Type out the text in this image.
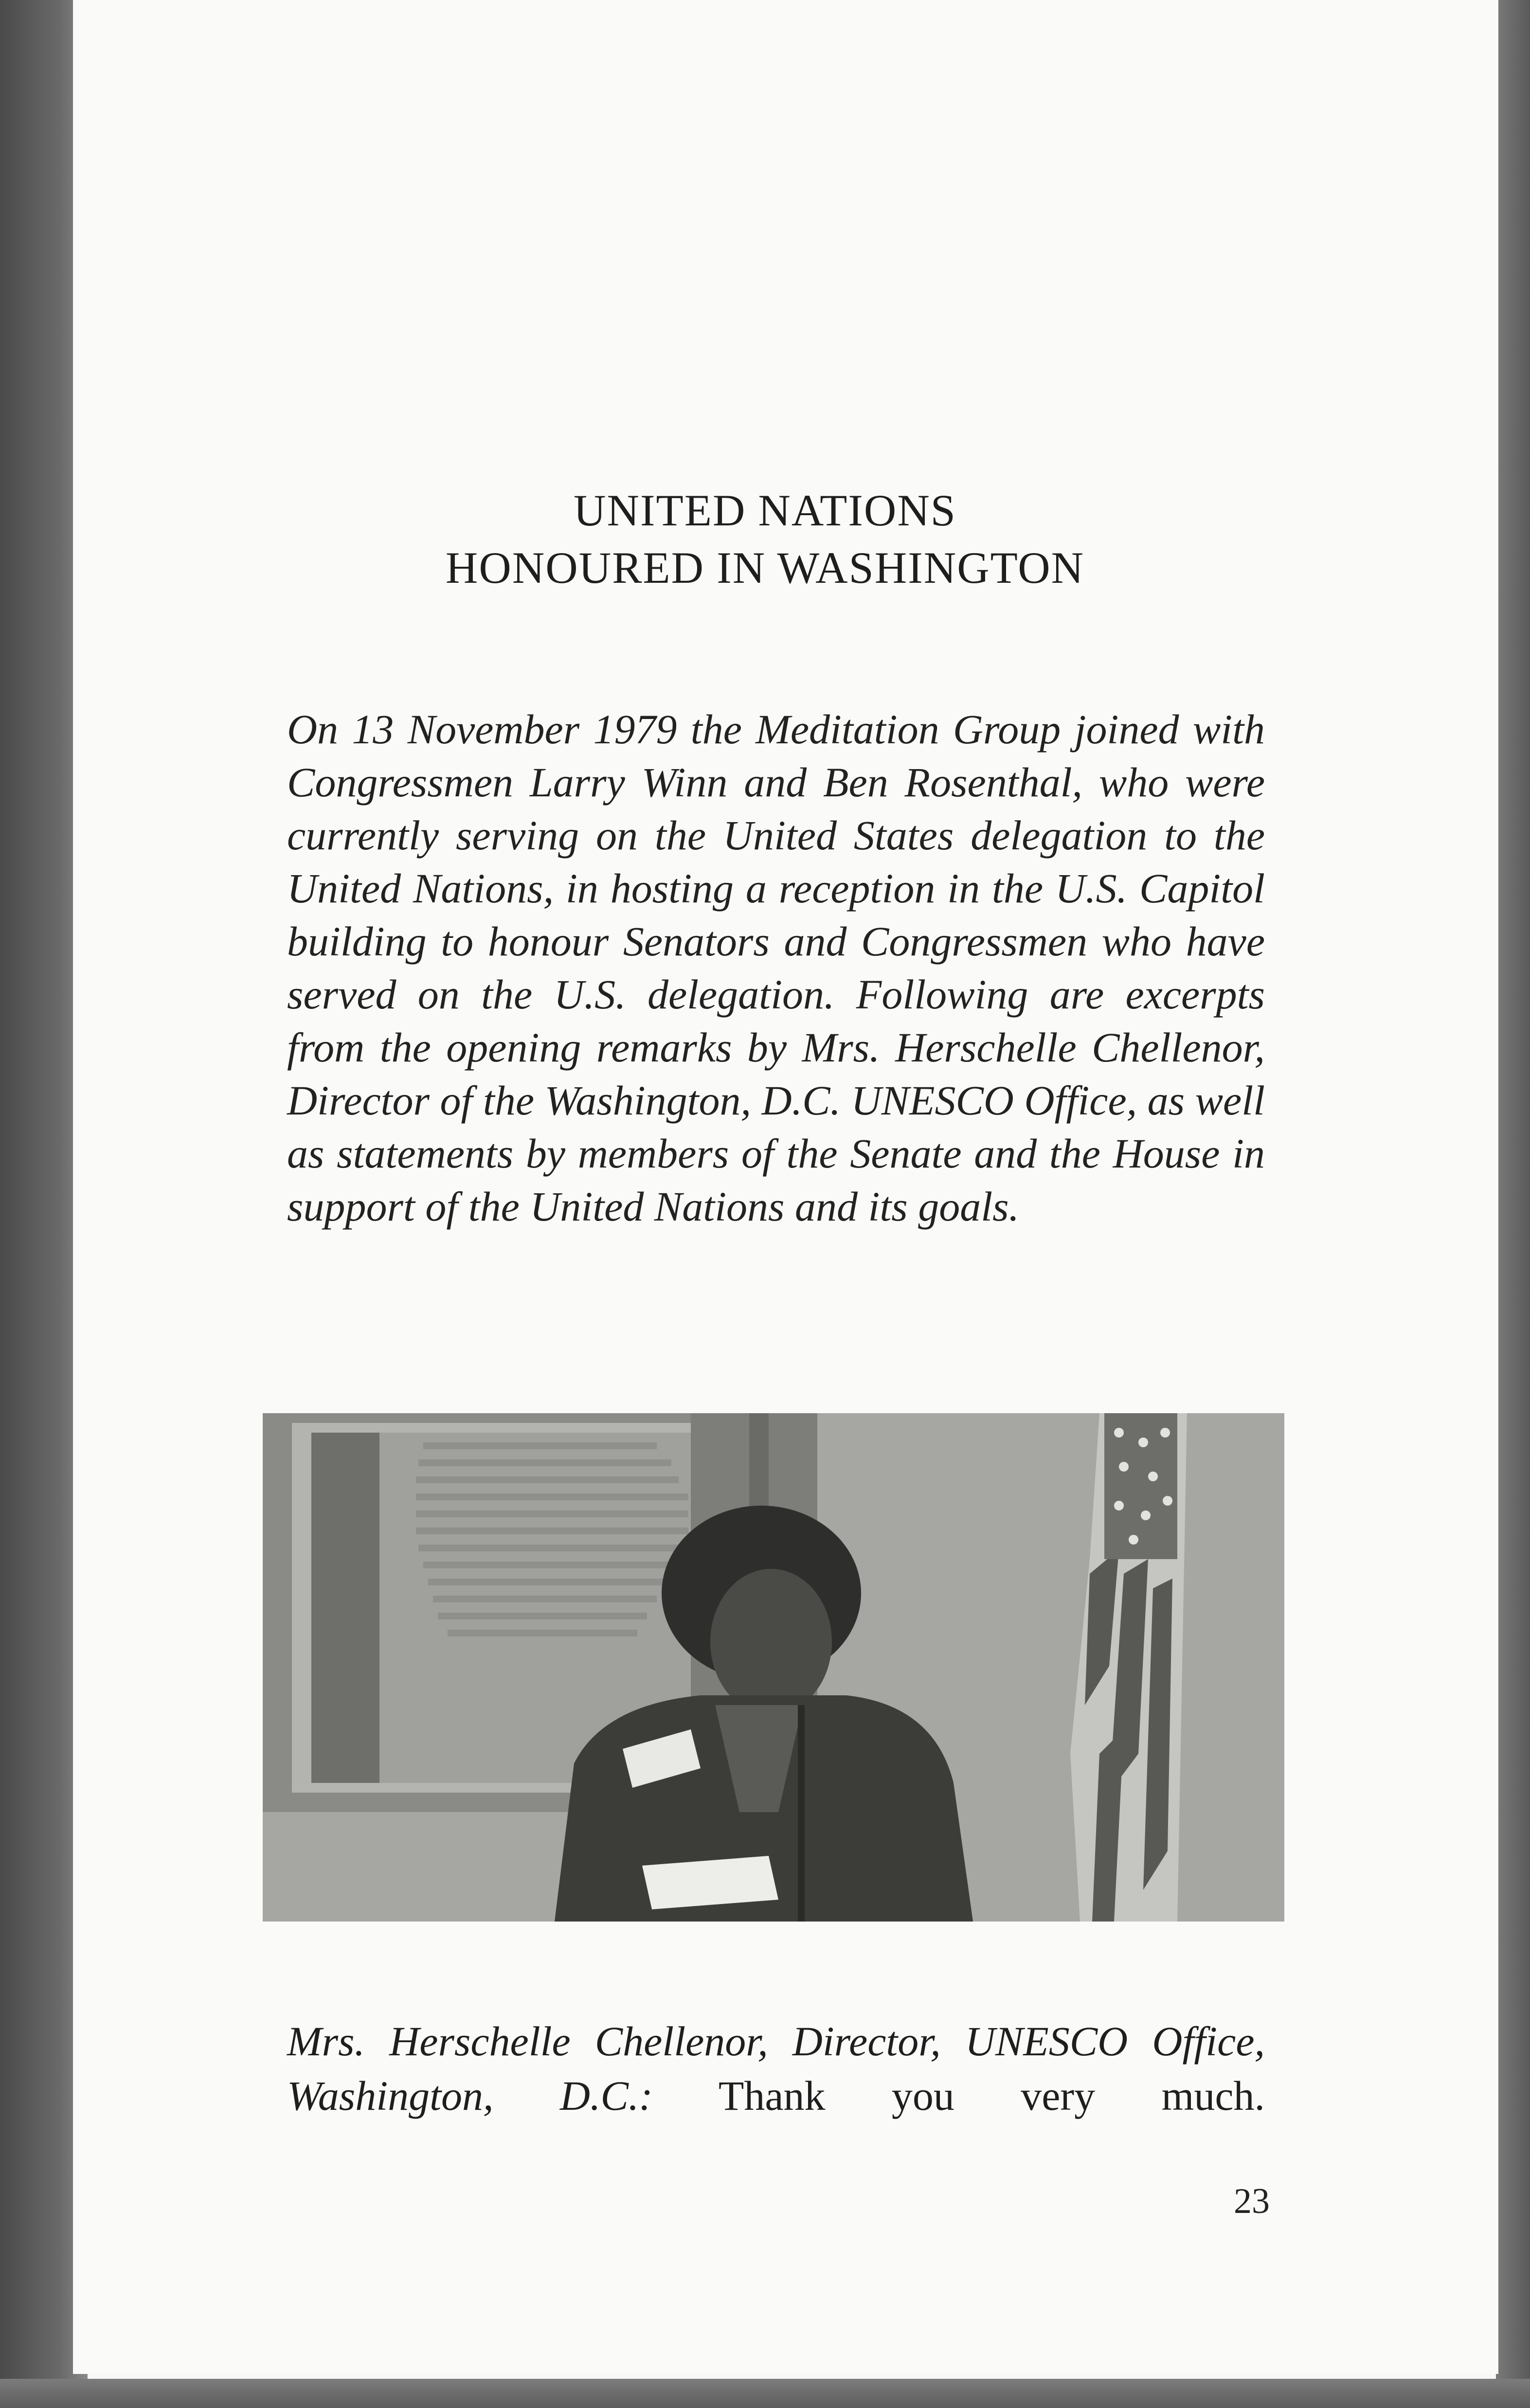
UNITED NATIONS
HONOURED IN WASHINGTON

On 13 November 1979 the Meditation Group joined with Congressmen Larry Winn and Ben Rosenthal, who were currently serving on the United States delegation to the United Nations, in hosting a reception in the U.S. Capitol building to honour Senators and Congressmen who have served on the U.S. delegation. Following are excerpts from the opening remarks by Mrs. Herschelle Chellenor, Director of the Washington, D.C. UNESCO Office, as well as statements by members of the Senate and the House in support of the United Nations and its goals.

Mrs. Herschelle Chellenor, Director, UNESCO Office, Washington, D.C.: Thank you very much.

23
